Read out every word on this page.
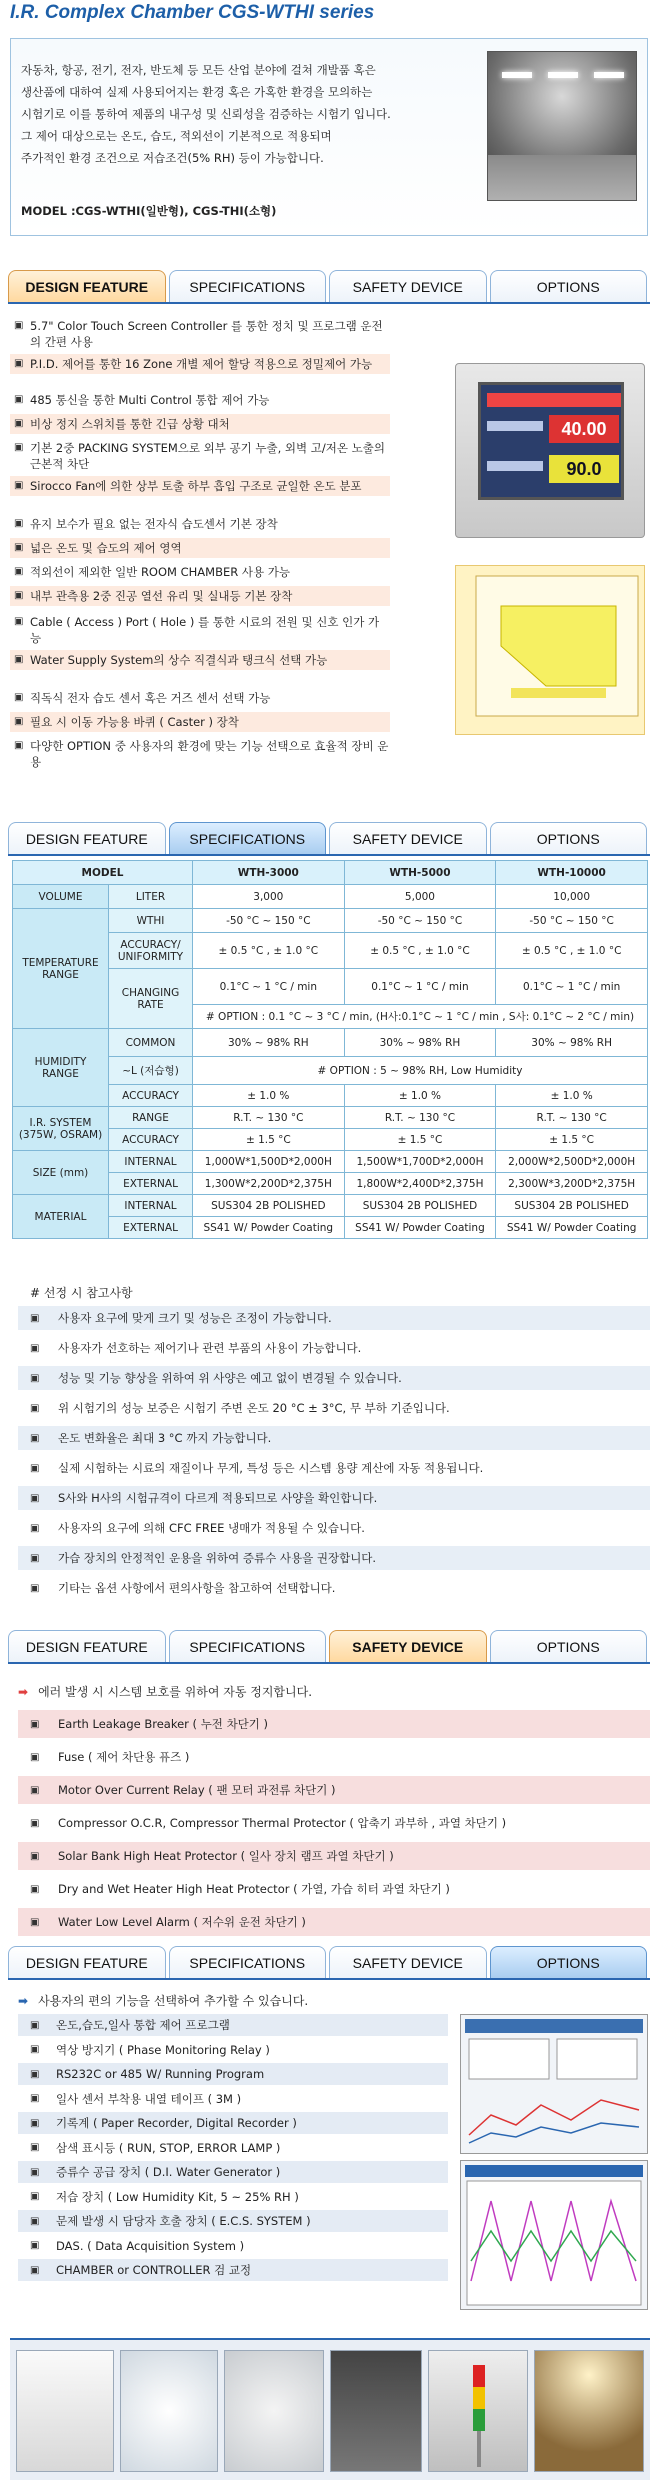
I.R. Complex Chamber CGS-WTHI series
자동차, 항공, 전기, 전자, 반도체 등 모든 산업 분야에 걸쳐 개발품 혹은
생산품에 대하여 실제 사용되어지는 환경 혹은 가혹한 환경을 모의하는
시험기로 이를 통하여 제품의 내구성 및 신뢰성을 검증하는 시험기 입니다.
그 제어 대상으로는 온도, 습도, 적외선이 기본적으로 적용되며
주가적인 환경 조건으로 저습조건(5% RH) 등이 가능합니다.
MODEL :CGS-WTHI(일반형), CGS-THI(소형)
DESIGN FEATURE	SPECIFICATIONS	SAFETY DEVICE	OPTIONS
▣ 5.7" Color Touch Screen Controller 를 통한 정치 및 프로그램 운전의 간편 사용
▣ P.I.D. 제어를 통한 16 Zone 개별 제어 할당 적용으로 정밀제어 가능
▣ 485 통신을 통한 Multi Control 통합 제어 가능
▣ 비상 정지 스위치를 통한 긴급 상황 대처
▣ 기본 2중 PACKING SYSTEM으로 외부 공기 누출, 외벽 고/저온 노출의 근본적 차단
▣ Sirocco Fan에 의한 상부 토출 하부 흡입 구조로 균일한 온도 분포
▣ 유지 보수가 필요 없는 전자식 습도센서 기본 장착
▣ 넓은 온도 및 습도의 제어 영역
▣ 적외선이 제외한 일반 ROOM CHAMBER 사용 가능
▣ 내부 관측용 2중 진공 열선 유리 및 실내등 기본 장착
▣ Cable ( Access ) Port ( Hole ) 를 통한 시료의 전원 및 신호 인가 가능
▣ Water Supply System의 상수 직결식과 탱크식 선택 가능
▣ 직독식 전자 습도 센서 혹은 거즈 센서 선택 가능
▣ 필요 시 이동 가능용 바퀴 ( Caster ) 장착
▣ 다양한 OPTION 중 사용자의 환경에 맞는 기능 선택으로 효율적 장비 운용
40.00
90.0
DESIGN FEATURE	SPECIFICATIONS	SAFETY DEVICE	OPTIONS
MODEL		WTH-3000	WTH-5000	WTH-10000
VOLUME	LITER	3,000	5,000	10,000
TEMPERATURE RANGE	WTHI	-50 °C ~ 150 °C	-50 °C ~ 150 °C	-50 °C ~ 150 °C
	ACCURACY/ UNIFORMITY	± 0.5 °C , ± 1.0 °C	± 0.5 °C , ± 1.0 °C	± 0.5 °C , ± 1.0 °C
	CHANGING RATE	0.1°C ~ 1 °C / min	0.1°C ~ 1 °C / min	0.1°C ~ 1 °C / min
		# OPTION : 0.1 °C ~ 3 °C / min, (H사:0.1°C ~ 1 °C / min , S사: 0.1°C ~ 2 °C / min)		
HUMIDITY RANGE	COMMON	30% ~ 98% RH	30% ~ 98% RH	30% ~ 98% RH
	~L (저습형)	# OPTION : 5 ~ 98% RH, Low Humidity		
	ACCURACY	± 1.0 %	± 1.0 %	± 1.0 %
I.R. SYSTEM (375W, OSRAM)	RANGE	R.T. ~ 130 °C	R.T. ~ 130 °C	R.T. ~ 130 °C
	ACCURACY	± 1.5 °C	± 1.5 °C	± 1.5 °C
SIZE (mm)	INTERNAL	1,000W*1,500D*2,000H	1,500W*1,700D*2,000H	2,000W*2,500D*2,000H
	EXTERNAL	1,300W*2,200D*2,375H	1,800W*2,400D*2,375H	2,300W*3,200D*2,375H
MATERIAL	INTERNAL	SUS304 2B POLISHED	SUS304 2B POLISHED	SUS304 2B POLISHED
	EXTERNAL	SS41 W/ Powder Coating	SS41 W/ Powder Coating	SS41 W/ Powder Coating
# 선정 시 참고사항
▣	사용자 요구에 맞게 크기 및 성능은 조정이 가능합니다.
▣	사용자가 선호하는 제어기나 관련 부품의 사용이 가능합니다.
▣	성능 및 기능 향상을 위하여 위 사양은 예고 없이 변경될 수 있습니다.
▣	위 시험기의 성능 보증은 시험기 주변 온도 20 °C ± 3°C, 무 부하 기준입니다.
▣	온도 변화율은 최대 3 °C 까지 가능합니다.
▣	실제 시험하는 시료의 재질이나 무게, 특성 등은 시스템 용량 계산에 자동 적용됩니다.
▣	S사와 H사의 시험규격이 다르게 적용되므로 사양을 확인합니다.
▣	사용자의 요구에 의해 CFC FREE 냉매가 적용될 수 있습니다.
▣	가습 장치의 안정적인 운용을 위하여 증류수 사용을 권장합니다.
▣	기타는 옵션 사항에서 편의사항을 참고하여 선택합니다.
DESIGN FEATURE	SPECIFICATIONS	SAFETY DEVICE	OPTIONS
➡ 에러 발생 시 시스템 보호를 위하여 자동 정지합니다.
▣	Earth Leakage Breaker ( 누전 차단기 )
▣	Fuse ( 제어 차단용 퓨즈 )
▣	Motor Over Current Relay ( 팬 모터 과전류 차단기 )
▣	Compressor O.C.R, Compressor Thermal Protector ( 압축기 과부하 , 과열 차단기 )
▣	Solar Bank High Heat Protector ( 일사 장치 램프 과열 차단기 )
▣	Dry and Wet Heater High Heat Protector ( 가열, 가습 히터 과열 차단기 )
▣	Water Low Level Alarm ( 저수위 운전 차단기 )
DESIGN FEATURE	SPECIFICATIONS	SAFETY DEVICE	OPTIONS
➡ 사용자의 편의 기능을 선택하여 추가할 수 있습니다.
▣	온도,습도,일사 통합 제어 프로그램
▣	역상 방지기 ( Phase Monitoring Relay )
▣	RS232C or 485 W/ Running Program
▣	일사 센서 부착용 내열 테이프 ( 3M )
▣	기록계 ( Paper Recorder, Digital Recorder )
▣	삼색 표시등 ( RUN, STOP, ERROR LAMP )
▣	증류수 공급 장치 ( D.I. Water Generator )
▣	저습 장치 ( Low Humidity Kit, 5 ~ 25% RH )
▣	문제 발생 시 담당자 호출 장치 ( E.C.S. SYSTEM )
▣	DAS. ( Data Acquisition System )
▣	CHAMBER or CONTROLLER 검 교정
